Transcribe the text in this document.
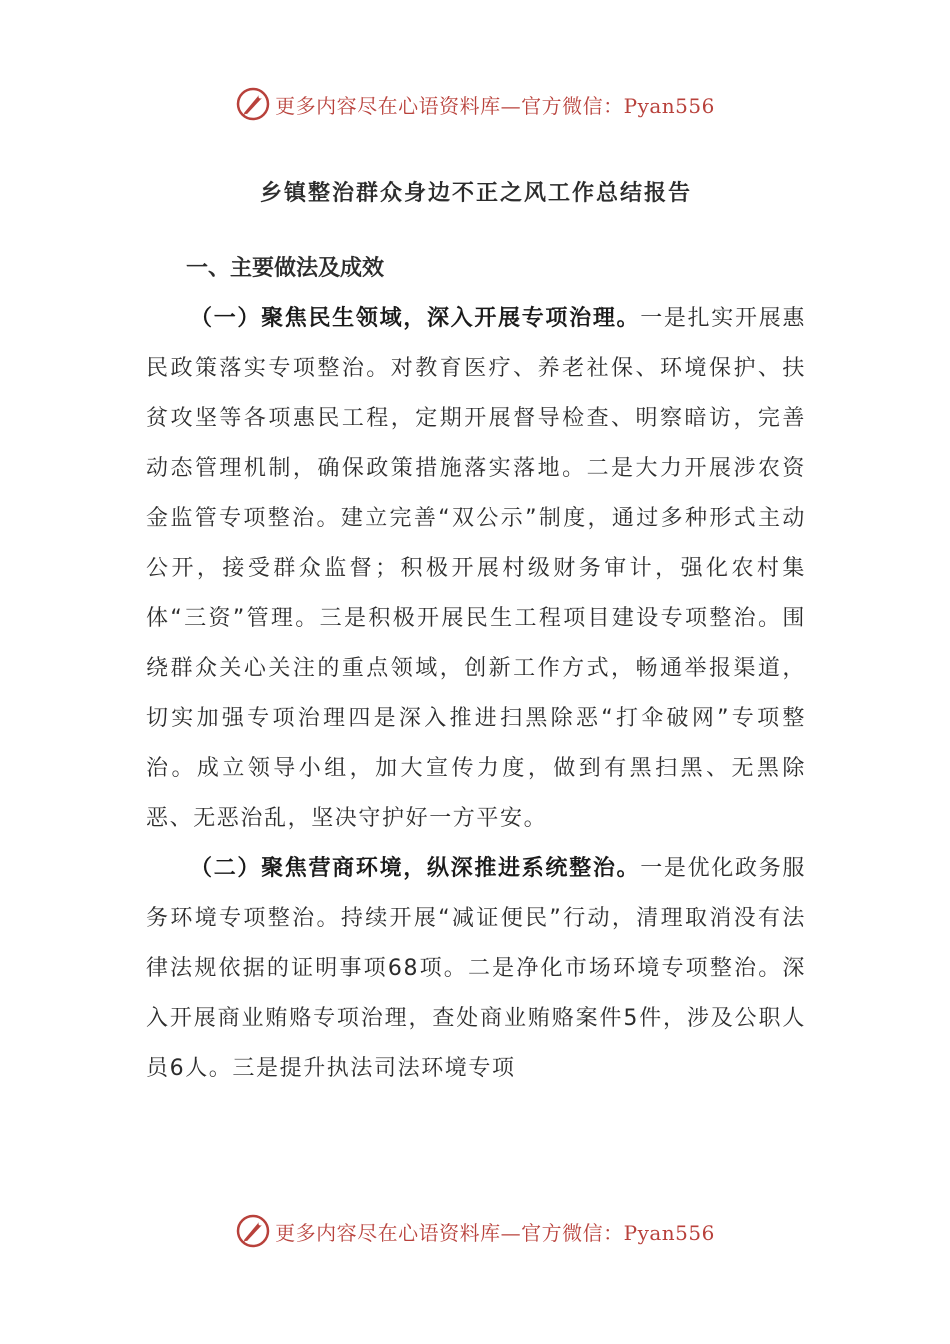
更多内容尽在心语资料库—官方微信：Pyan556
乡镇整治群众身边不正之风工作总结报告
一、主要做法及成效

（一）聚焦民生领域，深入开展专项治理。一是扎实开展惠民政策落实专项整治。对教育医疗、养老社保、环境保护、扶贫攻坚等各项惠民工程，定期开展督导检查、明察暗访，完善动态管理机制，确保政策措施落实落地。二是大力开展涉农资金监管专项整治。建立完善“双公示”制度，通过多种形式主动公开，接受群众监督；积极开展村级财务审计，强化农村集体“三资”管理。三是积极开展民生工程项目建设专项整治。围绕群众关心关注的重点领域，创新工作方式，畅通举报渠道，切实加强专项治理四是深入推进扫黑除恶“打伞破网”专项整治。成立领导小组，加大宣传力度，做到有黑扫黑、无黑除恶、无恶治乱，坚决守护好一方平安。

（二）聚焦营商环境，纵深推进系统整治。一是优化政务服务环境专项整治。持续开展“减证便民”行动，清理取消没有法律法规依据的证明事项68项。二是净化市场环境专项整治。深入开展商业贿赂专项治理，查处商业贿赂案件5件，涉及公职人员6人。三是提升执法司法环境专项

更多内容尽在心语资料库—官方微信：Pyan556
